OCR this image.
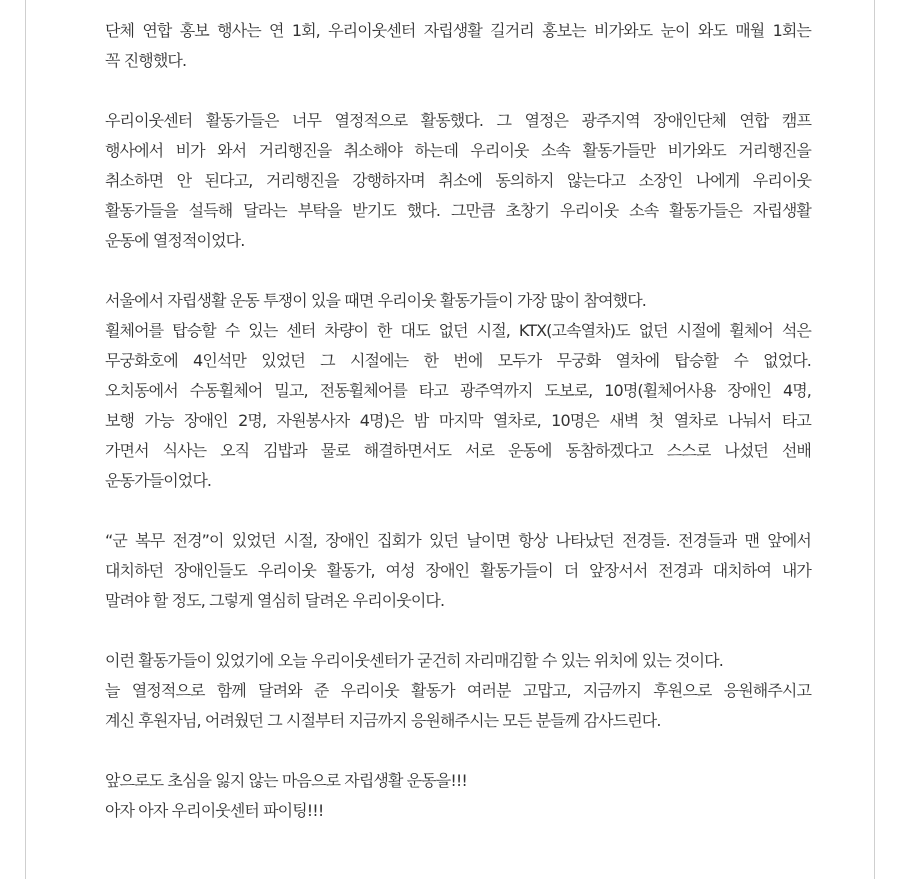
단체 연합 홍보 행사는 연 1회, 우리이웃센터 자립생활 길거리 홍보는 비가와도 눈이 와도 매월 1회는
꼭 진행했다.
우리이웃센터 활동가들은 너무 열정적으로 활동했다. 그 열정은 광주지역 장애인단체 연합 캠프
행사에서 비가 와서 거리행진을 취소해야 하는데 우리이웃 소속 활동가들만 비가와도 거리행진을
취소하면 안 된다고, 거리행진을 강행하자며 취소에 동의하지 않는다고 소장인 나에게 우리이웃
활동가들을 설득해 달라는 부탁을 받기도 했다. 그만큼 초창기 우리이웃 소속 활동가들은 자립생활
운동에 열정적이었다.
서울에서 자립생활 운동 투쟁이 있을 때면 우리이웃 활동가들이 가장 많이 참여했다.
휠체어를 탑승할 수 있는 센터 차량이 한 대도 없던 시절, KTX(고속열차)도 없던 시절에 휠체어 석은
무궁화호에 4인석만 있었던 그 시절에는 한 번에 모두가 무궁화 열차에 탑승할 수 없었다.
오치동에서 수동휠체어 밀고, 전동휠체어를 타고 광주역까지 도보로, 10명(휠체어사용 장애인 4명,
보행 가능 장애인 2명, 자원봉사자 4명)은 밤 마지막 열차로, 10명은 새벽 첫 열차로 나눠서 타고
가면서 식사는 오직 김밥과 물로 해결하면서도 서로 운동에 동참하겠다고 스스로 나섰던 선배
운동가들이었다.
“군 복무 전경”이 있었던 시절, 장애인 집회가 있던 날이면 항상 나타났던 전경들. 전경들과 맨 앞에서
대치하던 장애인들도 우리이웃 활동가, 여성 장애인 활동가들이 더 앞장서서 전경과 대치하여 내가
말려야 할 정도, 그렇게 열심히 달려온 우리이웃이다.
이런 활동가들이 있었기에 오늘 우리이웃센터가 굳건히 자리매김할 수 있는 위치에 있는 것이다.
늘 열정적으로 함께 달려와 준 우리이웃 활동가 여러분 고맙고, 지금까지 후원으로 응원해주시고
계신 후원자님, 어려웠던 그 시절부터 지금까지 응원해주시는 모든 분들께 감사드린다.
앞으로도 초심을 잃지 않는 마음으로 자립생활 운동을!!!
아자 아자 우리이웃센터 파이팅!!!
